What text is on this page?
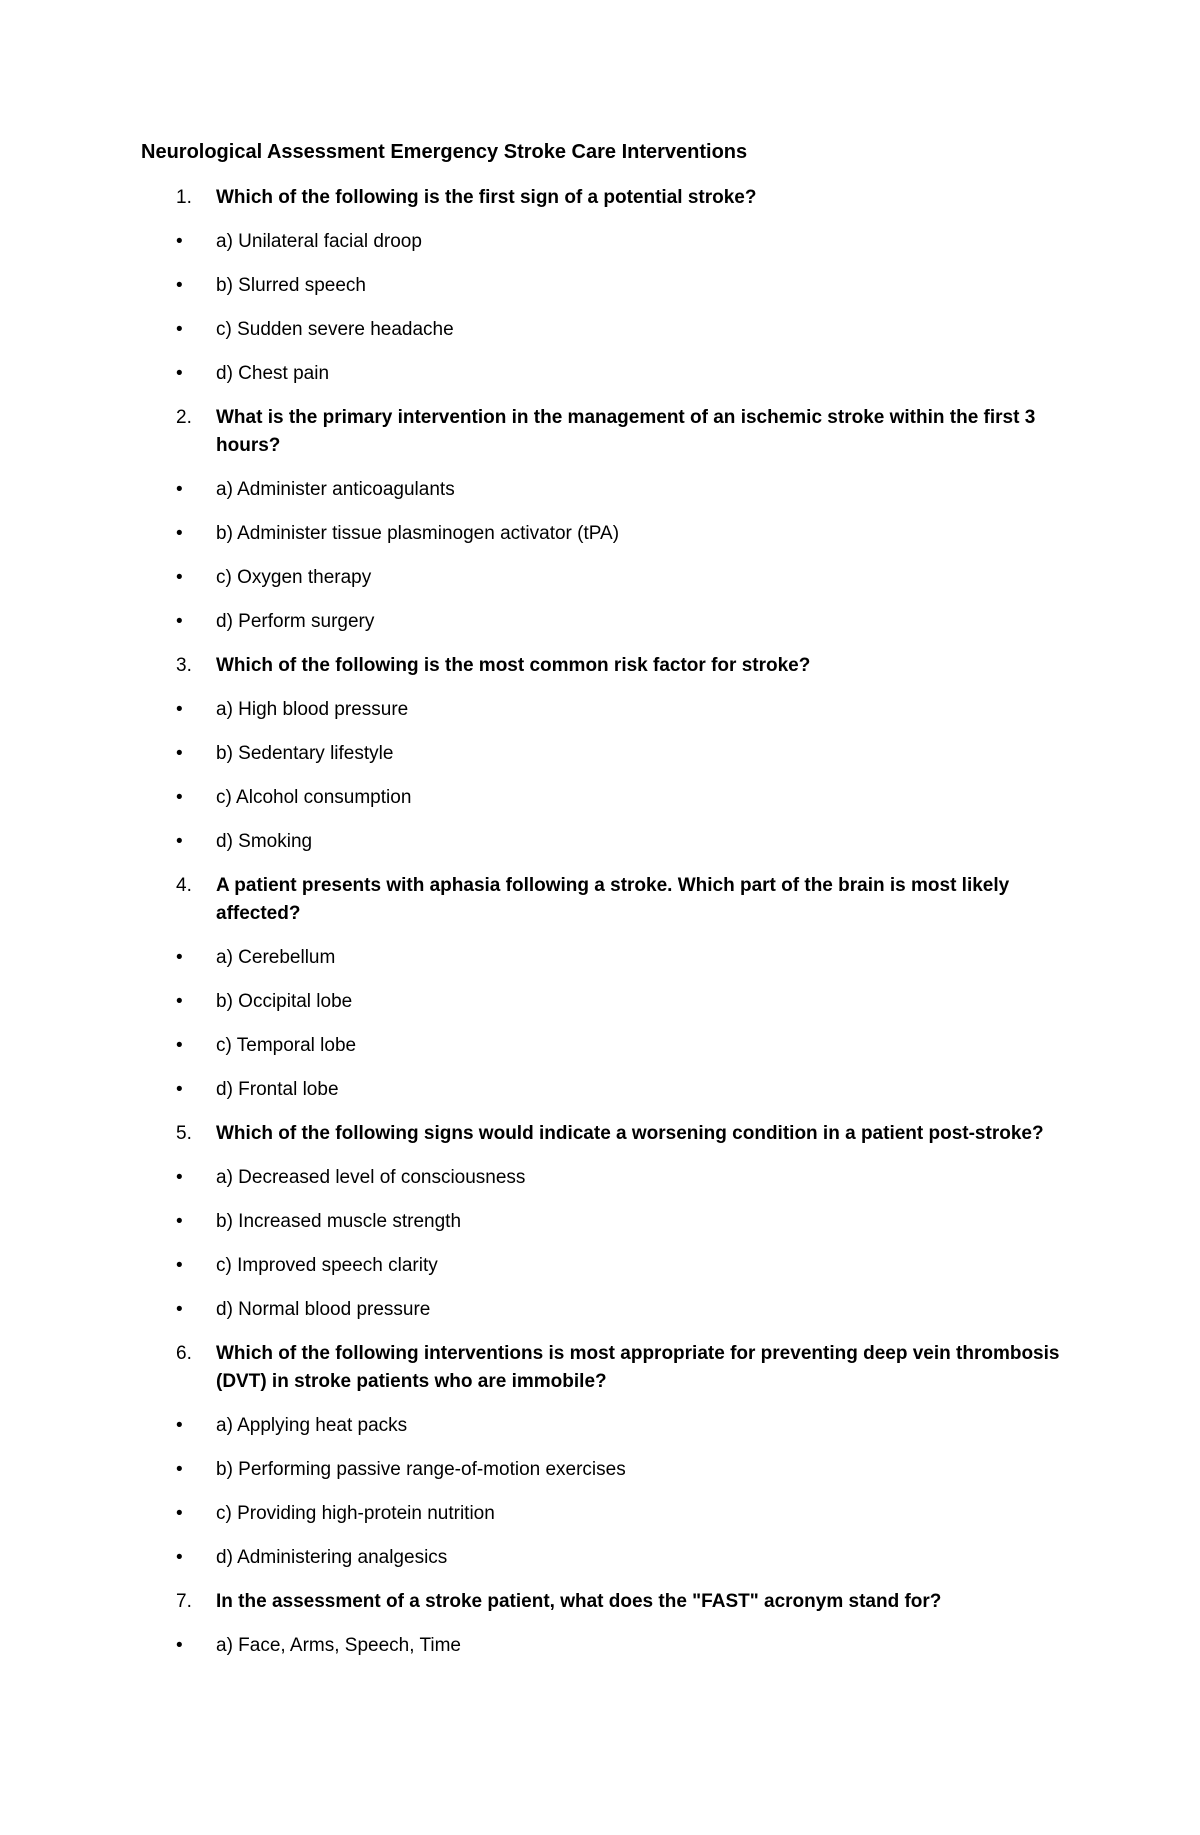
Neurological Assessment Emergency Stroke Care Interventions
1.	Which of the following is the first sign of a potential stroke?
•	a) Unilateral facial droop
•	b) Slurred speech
•	c) Sudden severe headache
•	d) Chest pain
2.	What is the primary intervention in the management of an ischemic stroke within the first 3 hours?
•	a) Administer anticoagulants
•	b) Administer tissue plasminogen activator (tPA)
•	c) Oxygen therapy
•	d) Perform surgery
3.	Which of the following is the most common risk factor for stroke?
•	a) High blood pressure
•	b) Sedentary lifestyle
•	c) Alcohol consumption
•	d) Smoking
4.	A patient presents with aphasia following a stroke. Which part of the brain is most likely affected?
•	a) Cerebellum
•	b) Occipital lobe
•	c) Temporal lobe
•	d) Frontal lobe
5.	Which of the following signs would indicate a worsening condition in a patient post-stroke?
•	a) Decreased level of consciousness
•	b) Increased muscle strength
•	c) Improved speech clarity
•	d) Normal blood pressure
6.	Which of the following interventions is most appropriate for preventing deep vein thrombosis (DVT) in stroke patients who are immobile?
•	a) Applying heat packs
•	b) Performing passive range-of-motion exercises
•	c) Providing high-protein nutrition
•	d) Administering analgesics
7.	In the assessment of a stroke patient, what does the "FAST" acronym stand for?
•	a) Face, Arms, Speech, Time
